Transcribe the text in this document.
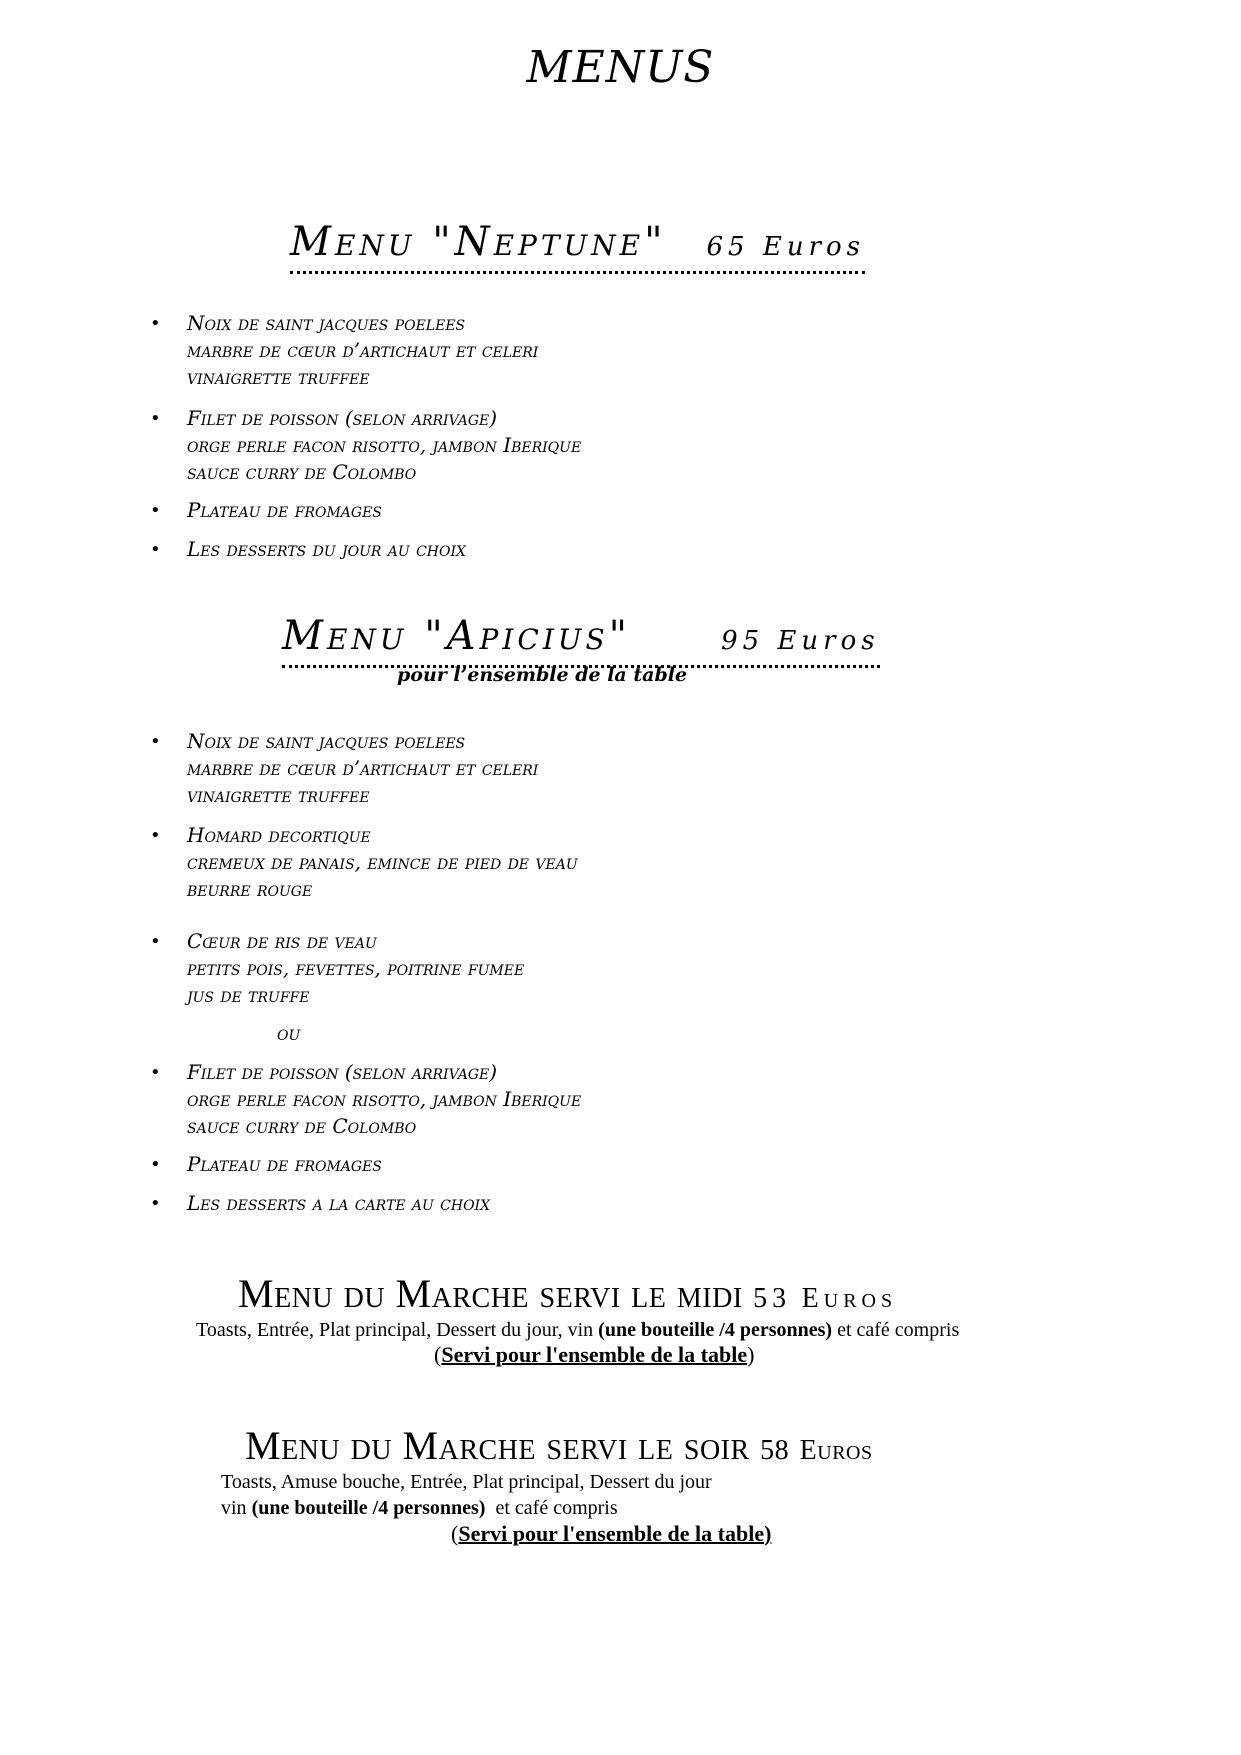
MENUS
Menu "Neptune" 65 Euros
• Noix de saint jacques poelees
marbre de cœur d’artichaut et celeri
vinaigrette truffee
• Filet de poisson (selon arrivage)
orge perle facon risotto, jambon Iberique
sauce curry de Colombo
• Plateau de fromages
• Les desserts du jour au choix
Menu "Apicius"	95 Euros
pour l’ensemble de la table
• Noix de saint jacques poelees
marbre de cœur d’artichaut et celeri
vinaigrette truffee
• Homard decortique
cremeux de panais, emince de pied de veau
beurre rouge
• Cœur de ris de veau
petits pois, fevettes, poitrine fumee
jus de truffe
ou
• Filet de poisson (selon arrivage)
orge perle facon risotto, jambon Iberique
sauce curry de Colombo
• Plateau de fromages
• Les desserts a la carte au choix
Menu du Marche servi le midi 53 Euros
Toasts, Entrée, Plat principal, Dessert du jour, vin (une bouteille /4 personnes) et café compris
(Servi pour l'ensemble de la table)
Menu du Marche servi le soir 58 Euros
Toasts, Amuse bouche, Entrée, Plat principal, Dessert du jour
vin (une bouteille /4 personnes)  et café compris
(Servi pour l'ensemble de la table)
